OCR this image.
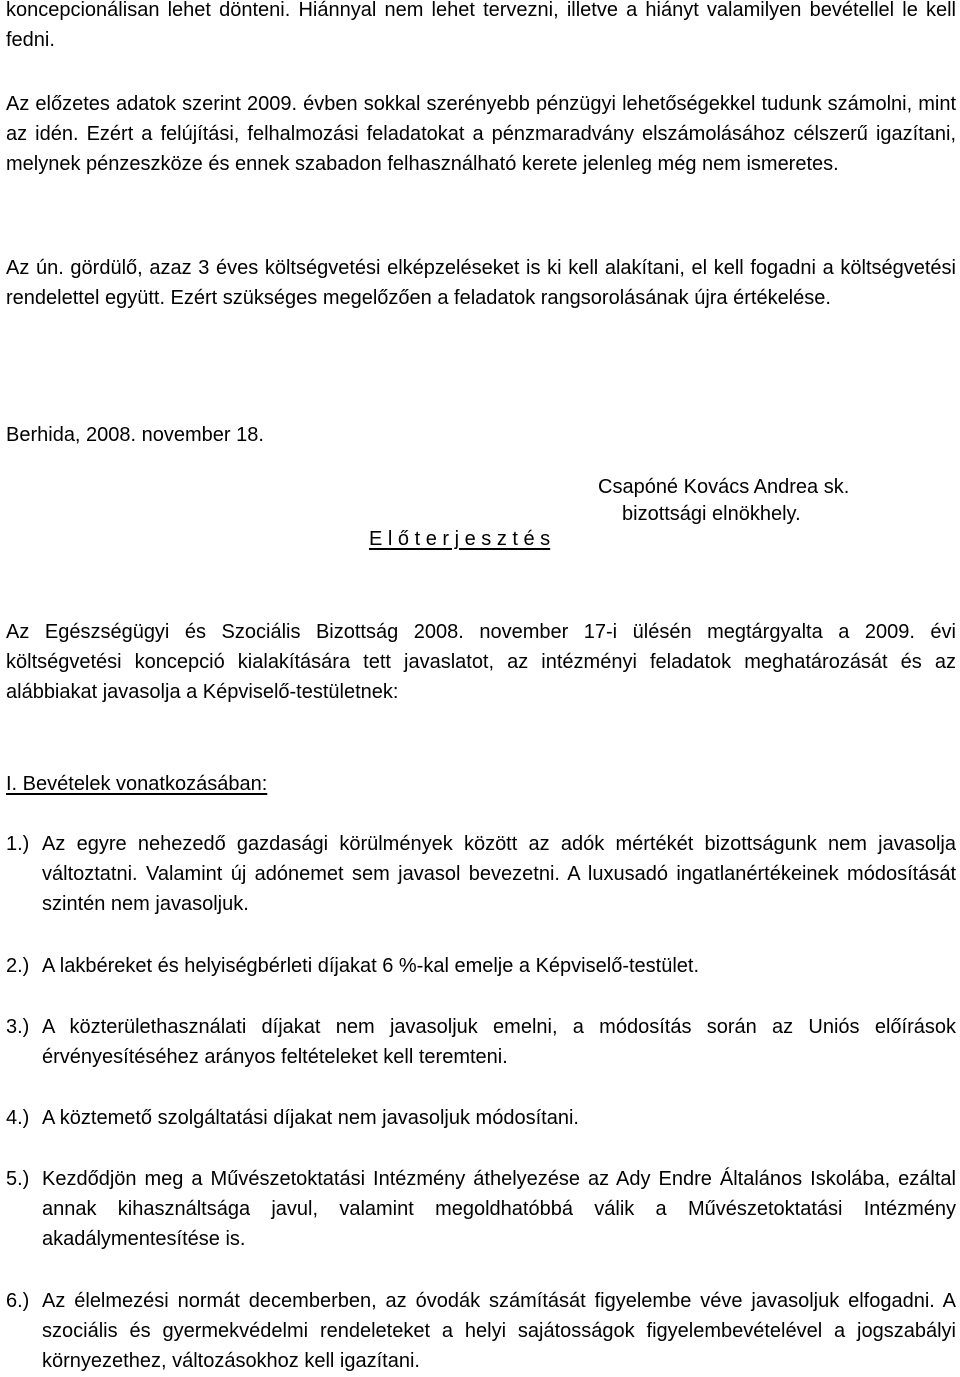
koncepcionálisan lehet dönteni. Hiánnyal nem lehet tervezni, illetve a hiányt valamilyen bevétellel le kell fedni.
Az előzetes adatok szerint 2009. évben sokkal szerényebb pénzügyi lehetőségekkel tudunk számolni, mint az idén. Ezért a felújítási, felhalmozási feladatokat a pénzmaradvány elszámolásához célszerű igazítani, melynek pénzeszköze és ennek szabadon felhasználható kerete jelenleg még nem ismeretes.
Az ún. gördülő, azaz 3 éves költségvetési elképzeléseket is ki kell alakítani, el kell fogadni a költségvetési rendelettel együtt. Ezért szükséges megelőzően a feladatok rangsorolásának újra értékelése.
Berhida, 2008. november 18.
Csapóné Kovács Andrea sk.
bizottsági elnökhely.
E l ő t e r j e s z t é s
Az Egészségügyi és Szociális Bizottság 2008. november 17-i ülésén megtárgyalta a 2009. évi költségvetési koncepció kialakítására tett javaslatot, az intézményi feladatok meghatározását és az alábbiakat javasolja a Képviselő-testületnek:
I. Bevételek vonatkozásában:
1.) Az egyre nehezedő gazdasági körülmények között az adók mértékét bizottságunk nem javasolja változtatni. Valamint új adónemet sem javasol bevezetni. A luxusadó ingatlanértékeinek módosítását szintén nem javasoljuk.
2.) A lakbéreket és helyiségbérleti díjakat 6 %-kal emelje a Képviselő-testület.
3.) A közterülethasználati díjakat nem javasoljuk emelni, a módosítás során az Uniós előírások érvényesítéséhez arányos feltételeket kell teremteni.
4.) A köztemető szolgáltatási díjakat nem javasoljuk módosítani.
5.) Kezdődjön meg a Művészetoktatási Intézmény áthelyezése az Ady Endre Általános Iskolába, ezáltal annak kihasználtsága javul, valamint megoldhatóbbá válik a Művészetoktatási Intézmény akadálymentesítése is.
6.) Az élelmezési normát decemberben, az óvodák számítását figyelembe véve javasoljuk elfogadni. A szociális és gyermekvédelmi rendeleteket a helyi sajátosságok figyelembevételével a jogszabályi környezethez, változásokhoz kell igazítani.
